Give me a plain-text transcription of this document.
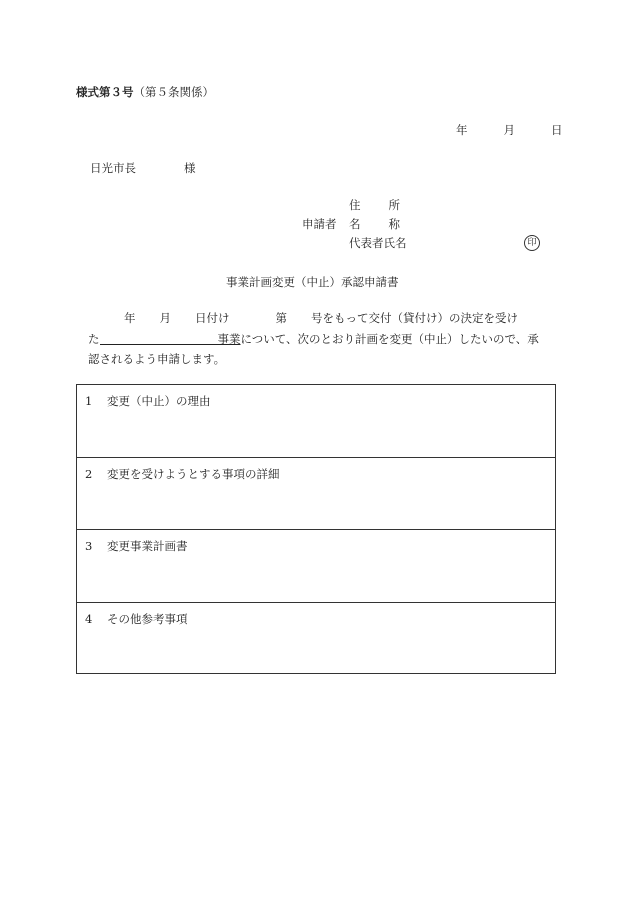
様式第３号（第５条関係）
年	月	日
日光市長	様
住 所
申請者 名 称
代表者氏名	印
事業計画変更（中止）承認申請書
年 月 日付け	第 号をもって交付（貸付け）の決定を受け
た	事業について、次のとおり計画を変更（中止）したいので、承
認されるよう申請します。
1 変更（中止）の理由
2 変更を受けようとする事項の詳細
3 変更事業計画書
4 その他参考事項
